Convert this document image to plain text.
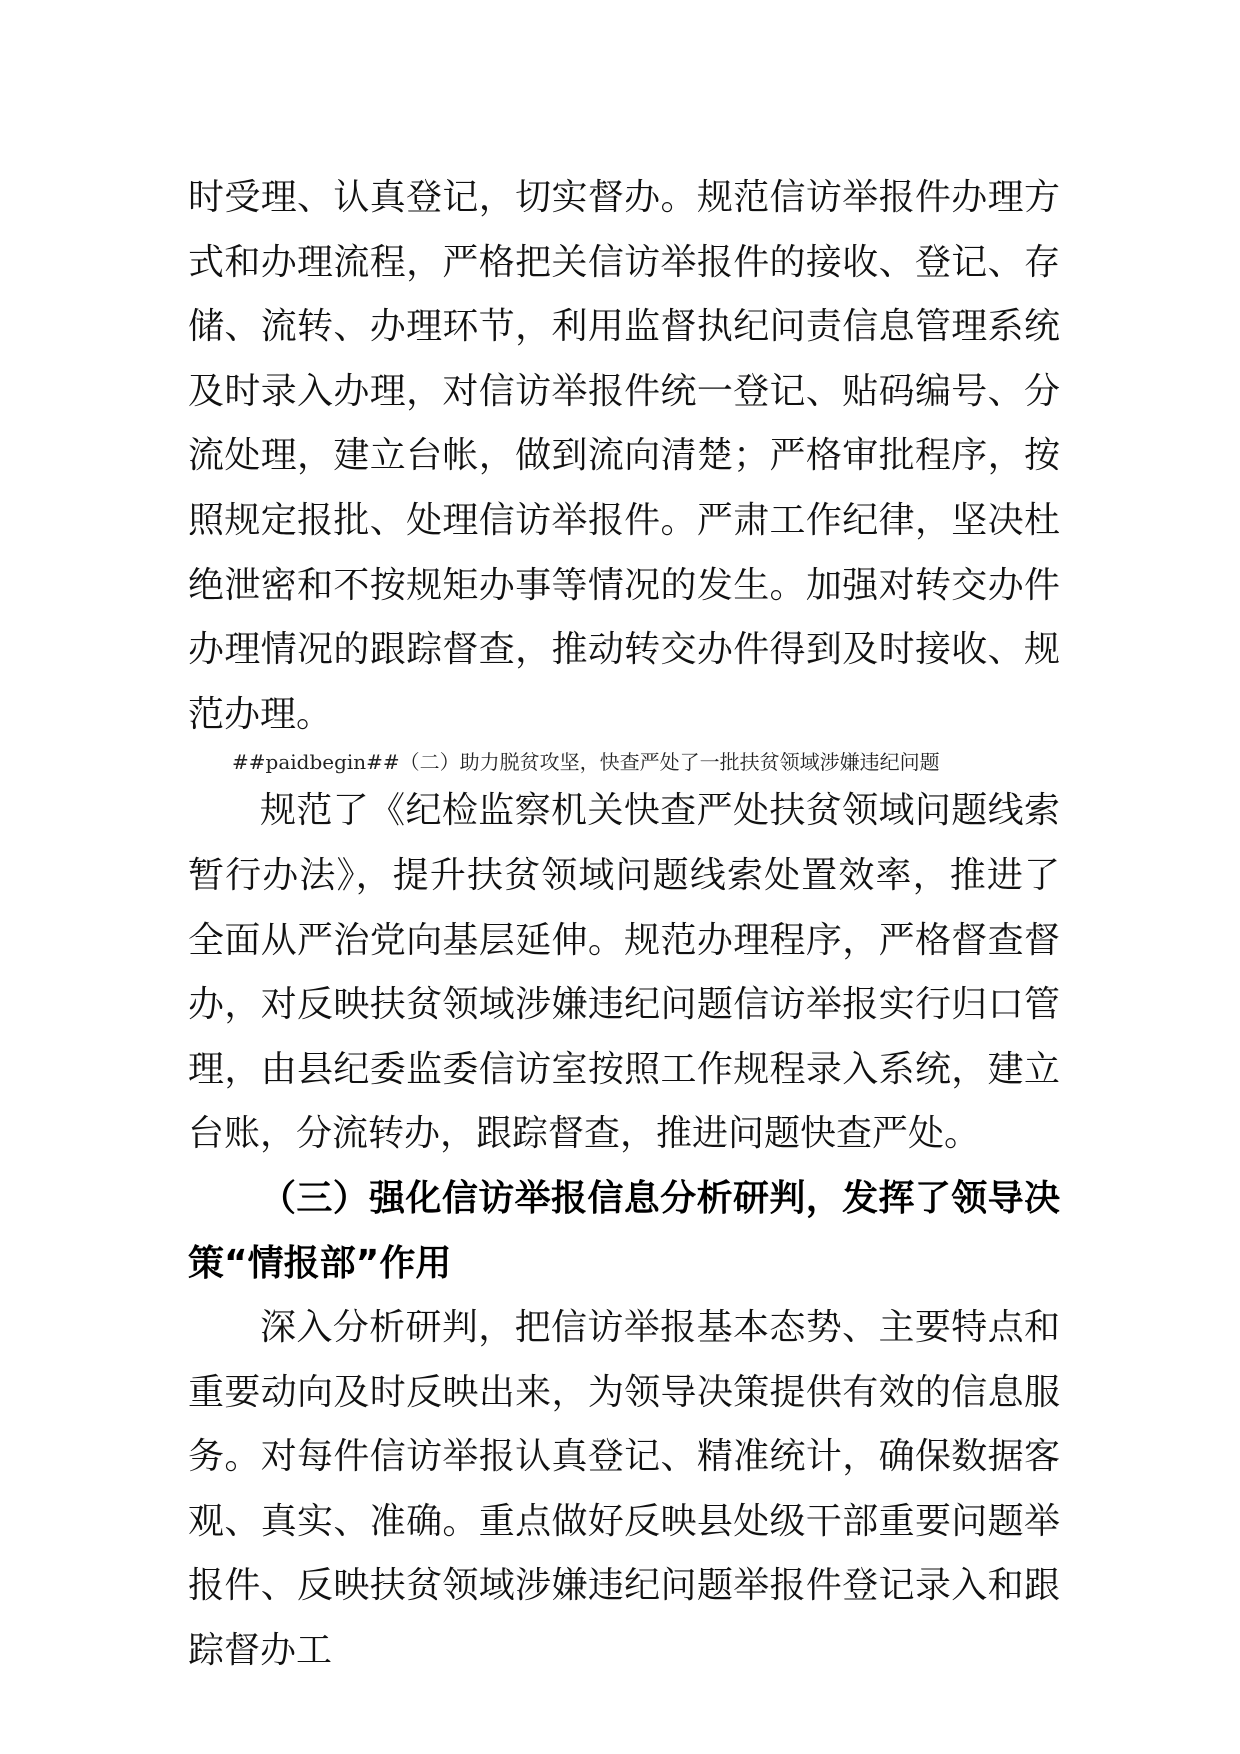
时受理、认真登记，切实督办。规范信访举报件办理方式和办理流程，严格把关信访举报件的接收、登记、存储、流转、办理环节，利用监督执纪问责信息管理系统及时录入办理，对信访举报件统一登记、贴码编号、分流处理，建立台帐，做到流向清楚；严格审批程序，按照规定报批、处理信访举报件。严肃工作纪律，坚决杜绝泄密和不按规矩办事等情况的发生。加强对转交办件办理情况的跟踪督查，推动转交办件得到及时接收、规范办理。

##paidbegin##（二）助力脱贫攻坚，快查严处了一批扶贫领域涉嫌违纪问题

规范了《纪检监察机关快查严处扶贫领域问题线索暂行办法》，提升扶贫领域问题线索处置效率，推进了全面从严治党向基层延伸。规范办理程序，严格督查督办，对反映扶贫领域涉嫌违纪问题信访举报实行归口管理，由县纪委监委信访室按照工作规程录入系统，建立台账，分流转办，跟踪督查，推进问题快查严处。

（三）强化信访举报信息分析研判，发挥了领导决策“情报部”作用

深入分析研判，把信访举报基本态势、主要特点和重要动向及时反映出来，为领导决策提供有效的信息服务。对每件信访举报认真登记、精准统计，确保数据客观、真实、准确。重点做好反映县处级干部重要问题举报件、反映扶贫领域涉嫌违纪问题举报件登记录入和跟踪督办工
